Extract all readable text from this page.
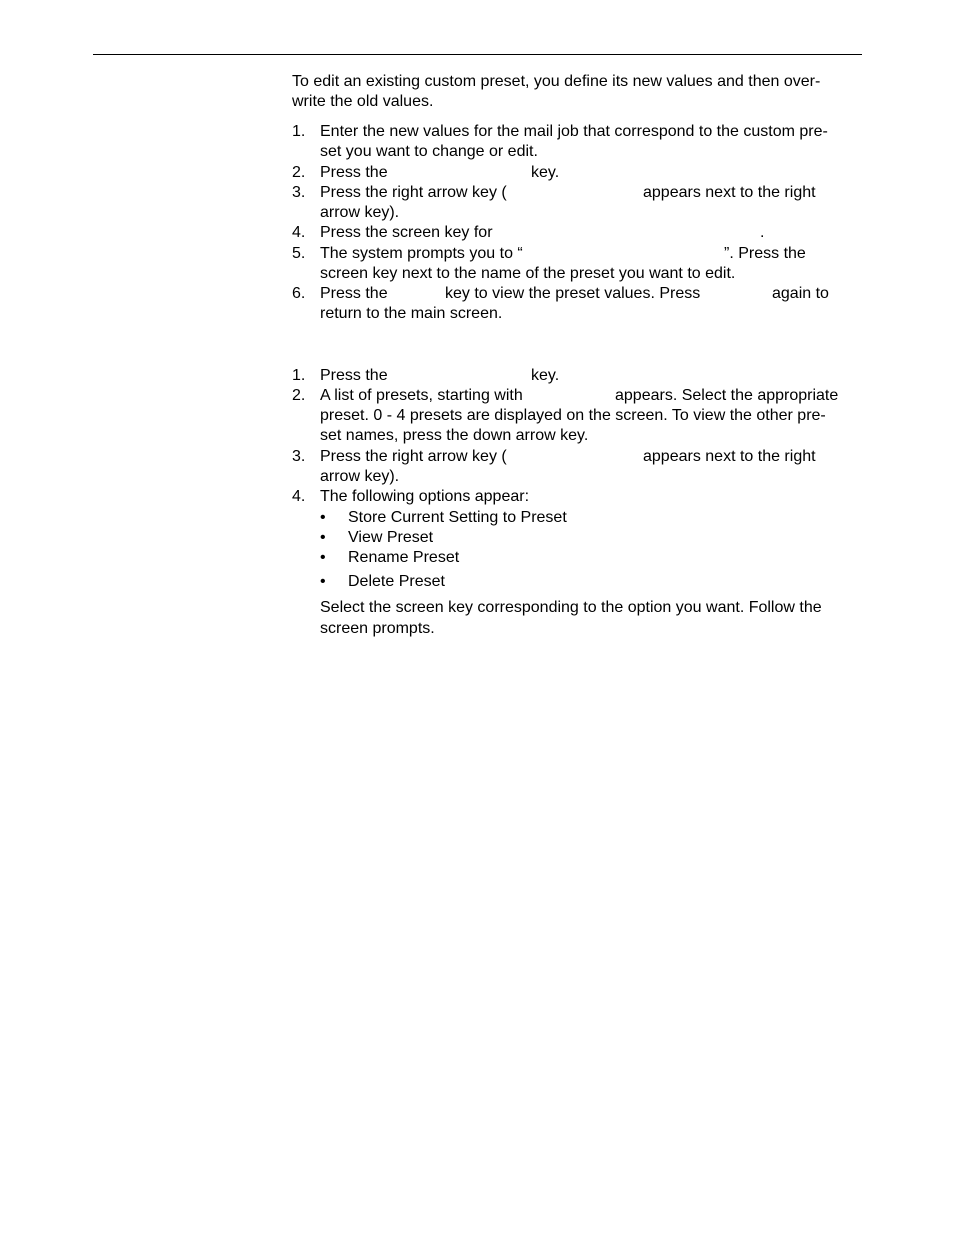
To edit an existing custom preset, you define its new values and then over-
write the old values.
1. Enter the new values for the mail job that correspond to the custom pre-
set you want to change or edit.
2. Press the	key.
3. Press the right arrow key (	appears next to the right
arrow key).
4. Press the screen key for	.
5. The system prompts you to “	”. Press the
screen key next to the name of the preset you want to edit.
6. Press the	key to view the preset values. Press	again to
return to the main screen.
1. Press the	key.
2. A list of presets, starting with	appears. Select the appropriate
preset. 0 - 4 presets are displayed on the screen. To view the other pre-
set names, press the down arrow key.
3. Press the right arrow key (	appears next to the right
arrow key).
4. The following options appear:
• Store Current Setting to Preset
• View Preset
• Rename Preset
• Delete Preset
Select the screen key corresponding to the option you want. Follow the
screen prompts.
